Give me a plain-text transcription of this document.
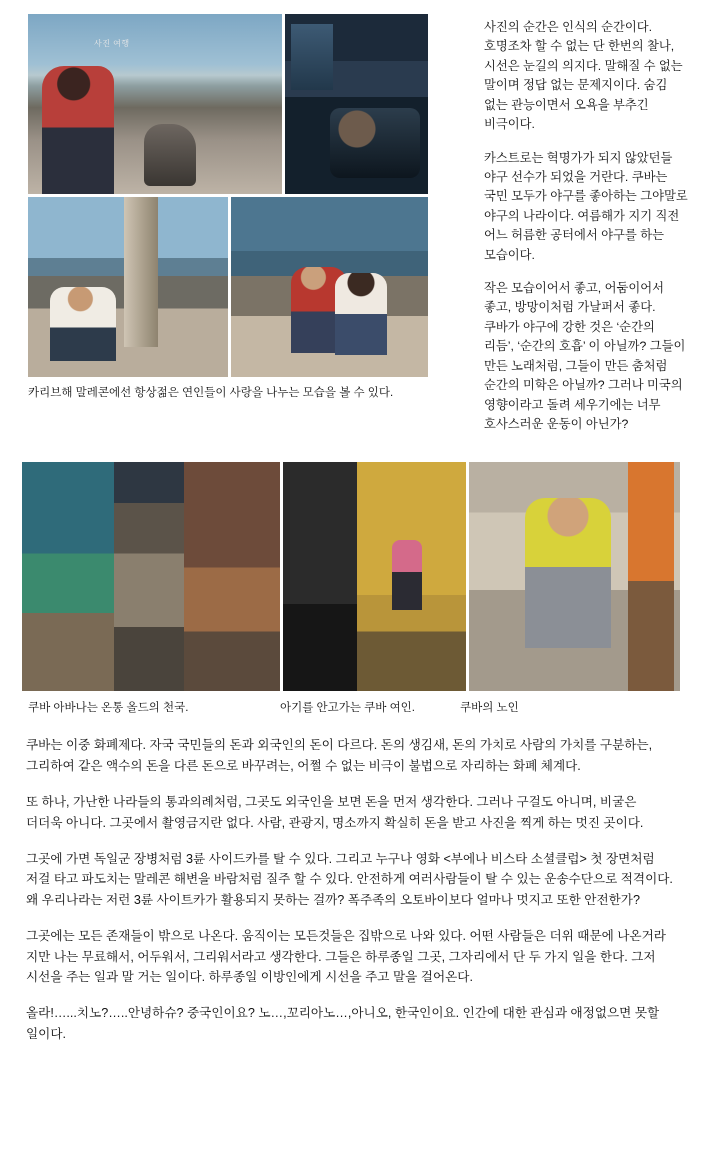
사진 여행
카리브해 말레콘에선 항상젊은 연인들이 사랑을 나누는 모습을 볼 수 있다.

사진의 순간은 인식의 순간이다. 호명조차 할 수 없는 단 한번의 찰나, 시선은 눈길의 의지다. 말해질 수 없는 말이며 정답 없는 문제지이다. 숨김 없는 관능이면서 오욕을 부추긴 비극이다.

카스트로는 혁명가가 되지 않았던들 야구 선수가 되었을 거란다. 쿠바는 국민 모두가 야구를 좋아하는 그야말로 야구의 나라이다. 여름해가 지기 직전 어느 허름한 공터에서 야구를 하는 모습이다.

작은 모습이어서 좋고, 어둠이어서 좋고, 방망이처럼 가날퍼서 좋다. 쿠바가 야구에 강한 것은 ‘순간의 리듬’, ‘순간의 호흡’ 이 아닐까? 그들이 만든 노래처럼, 그들이 만든 춤처럼 순간의 미학은 아닐까? 그러나 미국의 영향이라고 돌려 세우기에는 너무 호사스러운 운동이 아닌가?

쿠바 아바나는 온통 올드의 천국.	아기를 안고가는 쿠바 여인.	쿠바의 노인

쿠바는 이중 화폐제다. 자국 국민들의 돈과 외국인의 돈이 다르다. 돈의 생김새, 돈의 가치로 사람의 가치를 구분하는, 그리하여 같은 액수의 돈을 다른 돈으로 바꾸려는, 어쩔 수 없는 비극이 불법으로 자리하는 화폐 체계다.

또 하나, 가난한 나라들의 통과의례처럼, 그곳도 외국인을 보면 돈을 먼저 생각한다. 그러나 구걸도 아니며, 비굴은 더더욱 아니다. 그곳에서 촬영금지란 없다. 사람, 관광지, 명소까지 확실히 돈을 받고 사진을 찍게 하는 멋진 곳이다.

그곳에 가면 독일군 장병처럼 3륜 사이드카를 탈 수 있다. 그리고 누구나 영화 <부에나 비스타 소셜클럽> 첫 장면처럼 저걸 타고 파도치는 말레콘 해변을 바람처럼 질주 할 수 있다. 안전하게 여러사람들이 탈 수 있는 운송수단으로 적격이다. 왜 우리나라는 저런 3륜 사이트카가 활용되지 못하는 걸까? 폭주족의 오토바이보다 얼마나 멋지고 또한 안전한가?

그곳에는 모든 존재들이 밖으로 나온다. 움직이는 모든것들은 집밖으로 나와 있다. 어떤 사람들은 더위 때문에 나온거라 지만 나는 무료해서, 어두워서, 그리워서라고 생각한다. 그들은 하루종일 그곳, 그자리에서 단 두 가지 일을 한다. 그저 시선을 주는 일과 말 거는 일이다. 하루종일 이방인에게 시선을 주고 말을 걸어온다.

올라!…...치노?…..안녕하슈? 중국인이요? 노…,꼬리아노…,아니오, 한국인이요. 인간에 대한 관심과 애정없으면 못할 일이다.
